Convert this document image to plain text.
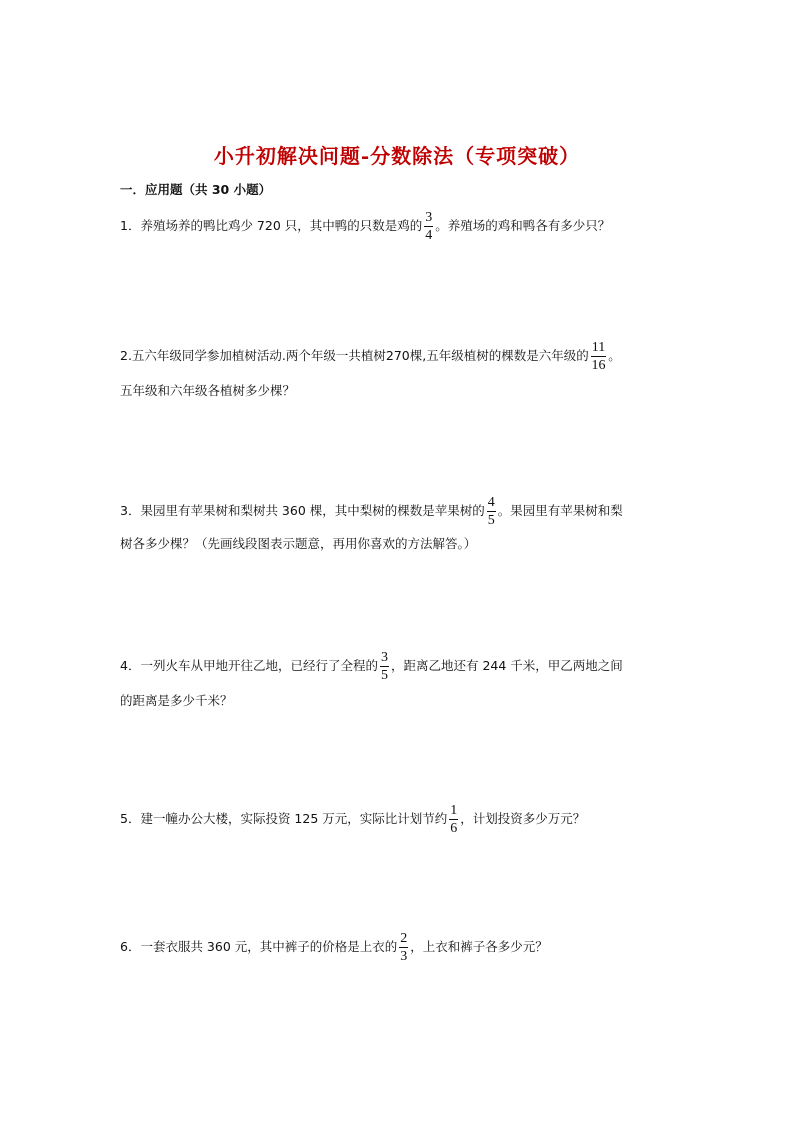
小升初解决问题-分数除法（专项突破）
一．应用题（共 30 小题）
1．养殖场养的鸭比鸡少 720 只，其中鸭的只数是鸡的 $\frac{3}{4}$ 。养殖场的鸡和鸭各有多少只？
2.五六年级同学参加植树活动.两个年级一共植树270棵,五年级植树的棵数是六年级的 $\frac{11}{16}$ 。
五年级和六年级各植树多少棵？
3．果园里有苹果树和梨树共 360 棵，其中梨树的棵数是苹果树的 $\frac{4}{5}$ 。果园里有苹果树和梨
树各多少棵？（先画线段图表示题意，再用你喜欢的方法解答。）
4．一列火车从甲地开往乙地，已经行了全程的 $\frac{3}{5}$ ，距离乙地还有 244 千米，甲乙两地之间
的距离是多少千米？
5．建一幢办公大楼，实际投资 125 万元，实际比计划节约 $\frac{1}{6}$ ，计划投资多少万元？
6．一套衣服共 360 元，其中裤子的价格是上衣的 $\frac{2}{3}$ ，上衣和裤子各多少元？
